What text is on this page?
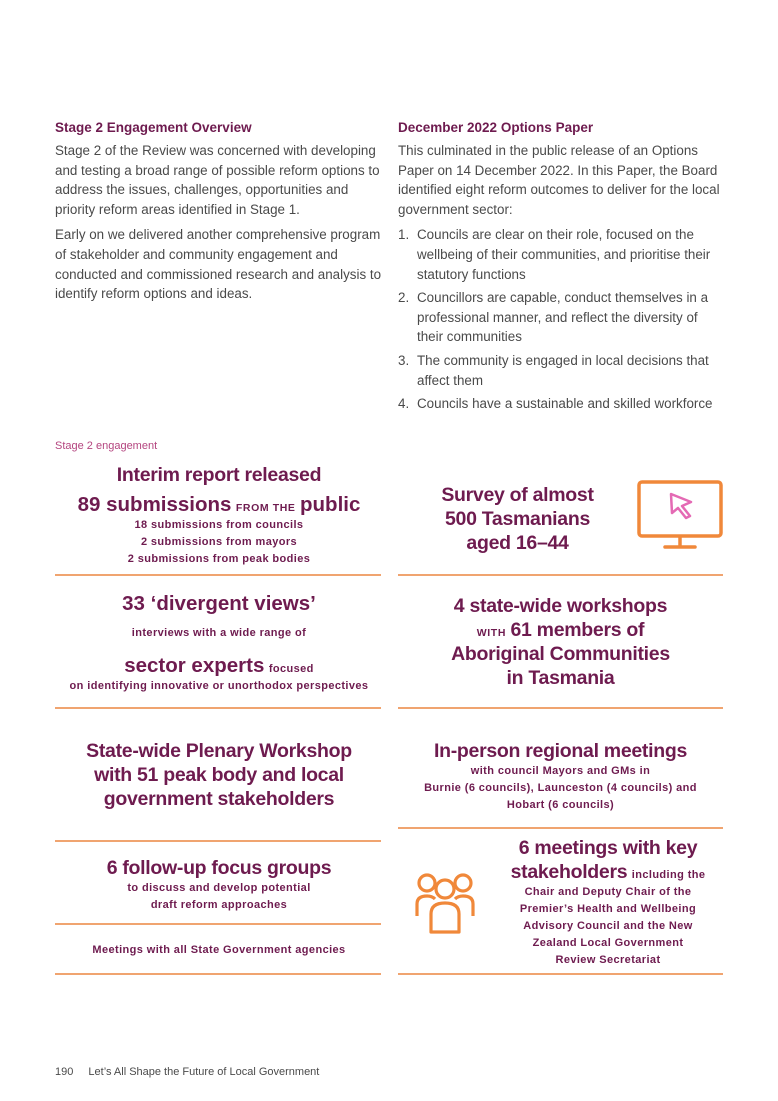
Stage 2 Engagement Overview

Stage 2 of the Review was concerned with developing and testing a broad range of possible reform options to address the issues, challenges, opportunities and priority reform areas identified in Stage 1.

Early on we delivered another comprehensive program of stakeholder and community engagement and conducted and commissioned research and analysis to identify reform options and ideas.

December 2022 Options Paper

This culminated in the public release of an Options Paper on 14 December 2022. In this Paper, the Board identified eight reform outcomes to deliver for the local government sector:

1. Councils are clear on their role, focused on the wellbeing of their communities, and prioritise their statutory functions
2. Councillors are capable, conduct themselves in a professional manner, and reflect the diversity of their communities
3. The community is engaged in local decisions that affect them
4. Councils have a sustainable and skilled workforce
Stage 2 engagement
Interim report released
89 submissions FROM THE public
18 submissions from councils
2 submissions from mayors
2 submissions from peak bodies
Survey of almost
500 Tasmanians
aged 16–44
33 ‘divergent views’
interviews with a wide range of
sector experts focused
on identifying innovative or unorthodox perspectives
4 state-wide workshops
WITH 61 members of
Aboriginal Communities
in Tasmania
State-wide Plenary Workshop
with 51 peak body and local
government stakeholders
In-person regional meetings
with council Mayors and GMs in
Burnie (6 councils), Launceston (4 councils) and
Hobart (6 councils)
6 follow-up focus groups
to discuss and develop potential
draft reform approaches
Meetings with all State Government agencies
6 meetings with key
stakeholders including the
Chair and Deputy Chair of the
Premier’s Health and Wellbeing
Advisory Council and the New
Zealand Local Government
Review Secretariat
190 Let’s All Shape the Future of Local Government
